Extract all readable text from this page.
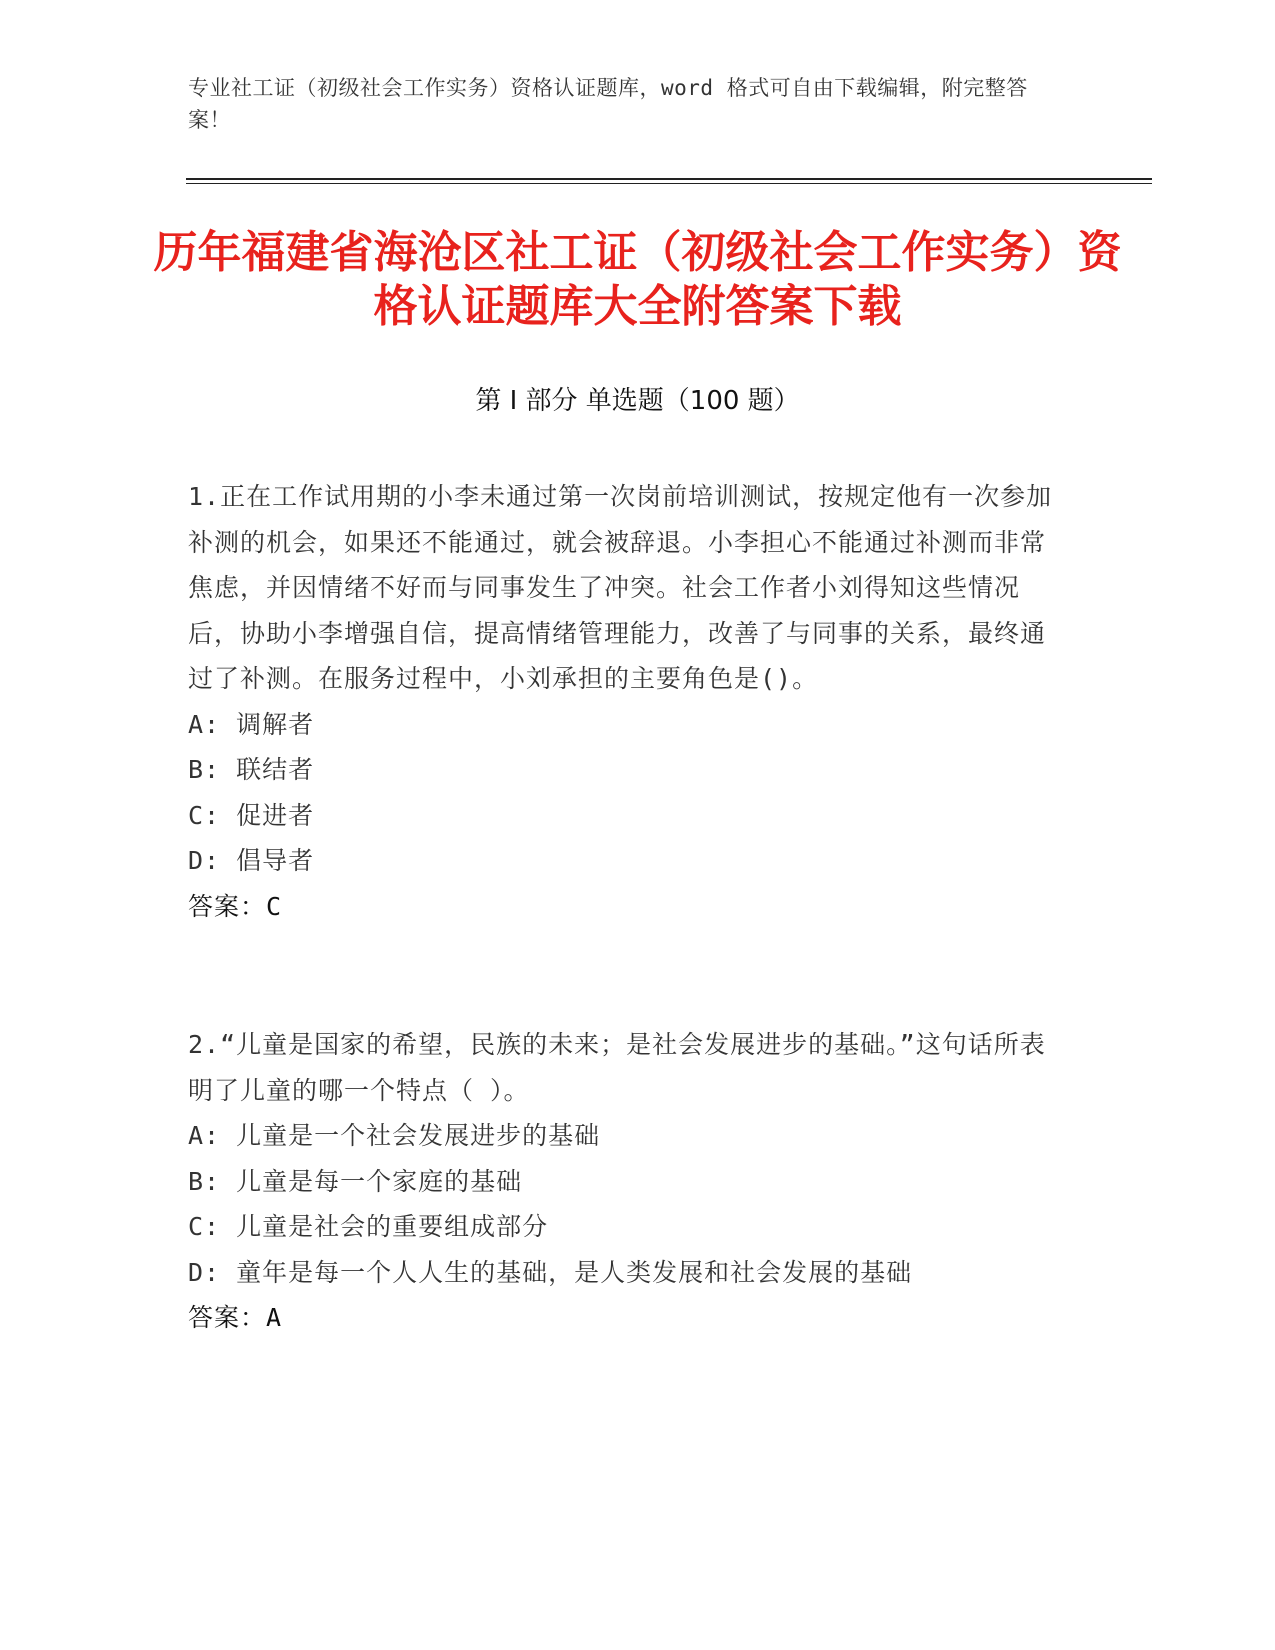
专业社工证（初级社会工作实务）资格认证题库，word 格式可自由下载编辑，附完整答案！
历年福建省海沧区社工证（初级社会工作实务）资格认证题库大全附答案下载
第 I 部分 单选题（100 题）
1.正在工作试用期的小李未通过第一次岗前培训测试，按规定他有一次参加补测的机会，如果还不能通过，就会被辞退。小李担心不能通过补测而非常焦虑，并因情绪不好而与同事发生了冲突。社会工作者小刘得知这些情况后，协助小李增强自信，提高情绪管理能力，改善了与同事的关系，最终通过了补测。在服务过程中，小刘承担的主要角色是()。
A: 调解者
B: 联结者
C: 促进者
D: 倡导者
答案：C
2.“儿童是国家的希望，民族的未来；是社会发展进步的基础。”这句话所表明了儿童的哪一个特点（ ）。
A: 儿童是一个社会发展进步的基础
B: 儿童是每一个家庭的基础
C: 儿童是社会的重要组成部分
D: 童年是每一个人人生的基础，是人类发展和社会发展的基础
答案：A
